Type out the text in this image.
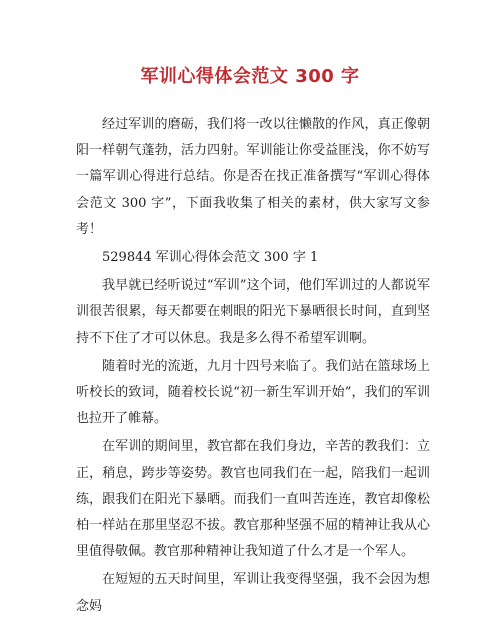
军训心得体会范文 300 字

经过军训的磨砺，我们将一改以往懒散的作风，真正像朝阳一样朝气蓬勃，活力四射。军训能让你受益匪浅，你不妨写一篇军训心得进行总结。你是否在找正准备撰写“军训心得体会范文 300 字”，下面我收集了相关的素材，供大家写文参考！

529844 军训心得体会范文 300 字 1

我早就已经听说过“军训”这个词，他们军训过的人都说军训很苦很累，每天都要在刺眼的阳光下暴晒很长时间，直到坚持不下住了才可以休息。我是多么得不希望军训啊。

随着时光的流逝，九月十四号来临了。我们站在篮球场上听校长的致词，随着校长说“初一新生军训开始”，我们的军训也拉开了帷幕。

在军训的期间里，教官都在我们身边，辛苦的教我们：立正，稍息，跨步等姿势。教官也同我们在一起，陪我们一起训练，跟我们在阳光下暴晒。而我们一直叫苦连连，教官却像松柏一样站在那里坚忍不拔。教官那种坚强不屈的精神让我从心里值得敬佩。教官那种精神让我知道了什么才是一个军人。

在短短的五天时间里，军训让我变得坚强，我不会因为想念妈
